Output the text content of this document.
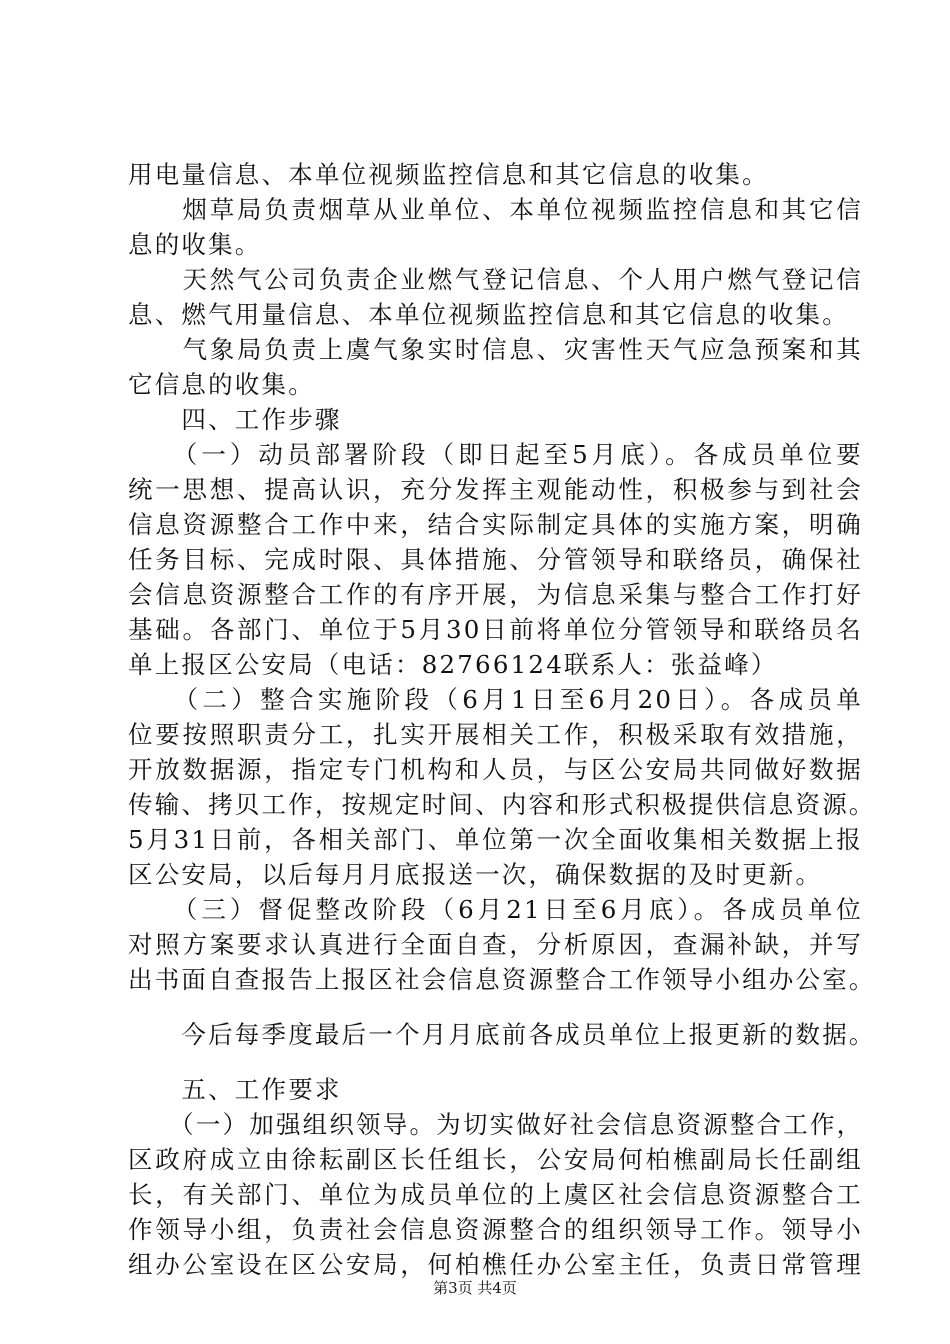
用电量信息、本单位视频监控信息和其它信息的收集。
　　烟草局负责烟草从业单位、本单位视频监控信息和其它信
息的收集。
　　天然气公司负责企业燃气登记信息、个人用户燃气登记信
息、燃气用量信息、本单位视频监控信息和其它信息的收集。
　　气象局负责上虞气象实时信息、灾害性天气应急预案和其
它信息的收集。
　　四、工作步骤
　　（一）动员部署阶段（即日起至5月底）。各成员单位要
统一思想、提高认识，充分发挥主观能动性，积极参与到社会
信息资源整合工作中来，结合实际制定具体的实施方案，明确
任务目标、完成时限、具体措施、分管领导和联络员，确保社
会信息资源整合工作的有序开展，为信息采集与整合工作打好
基础。各部门、单位于5月30日前将单位分管领导和联络员名
单上报区公安局（电话：82766124联系人：张益峰）
　　（二）整合实施阶段（6月1日至6月20日）。各成员单
位要按照职责分工，扎实开展相关工作，积极采取有效措施，
开放数据源，指定专门机构和人员，与区公安局共同做好数据
传输、拷贝工作，按规定时间、内容和形式积极提供信息资源。
5月31日前，各相关部门、单位第一次全面收集相关数据上报
区公安局，以后每月月底报送一次，确保数据的及时更新。
　　（三）督促整改阶段（6月21日至6月底）。各成员单位
对照方案要求认真进行全面自查，分析原因，查漏补缺，并写
出书面自查报告上报区社会信息资源整合工作领导小组办公室。
　　今后每季度最后一个月月底前各成员单位上报更新的数据。
　　五、工作要求
　　（一）加强组织领导。为切实做好社会信息资源整合工作，
区政府成立由徐耘副区长任组长，公安局何柏樵副局长任副组
长，有关部门、单位为成员单位的上虞区社会信息资源整合工
作领导小组，负责社会信息资源整合的组织领导工作。领导小
组办公室设在区公安局，何柏樵任办公室主任，负责日常管理
第3页 共4页
